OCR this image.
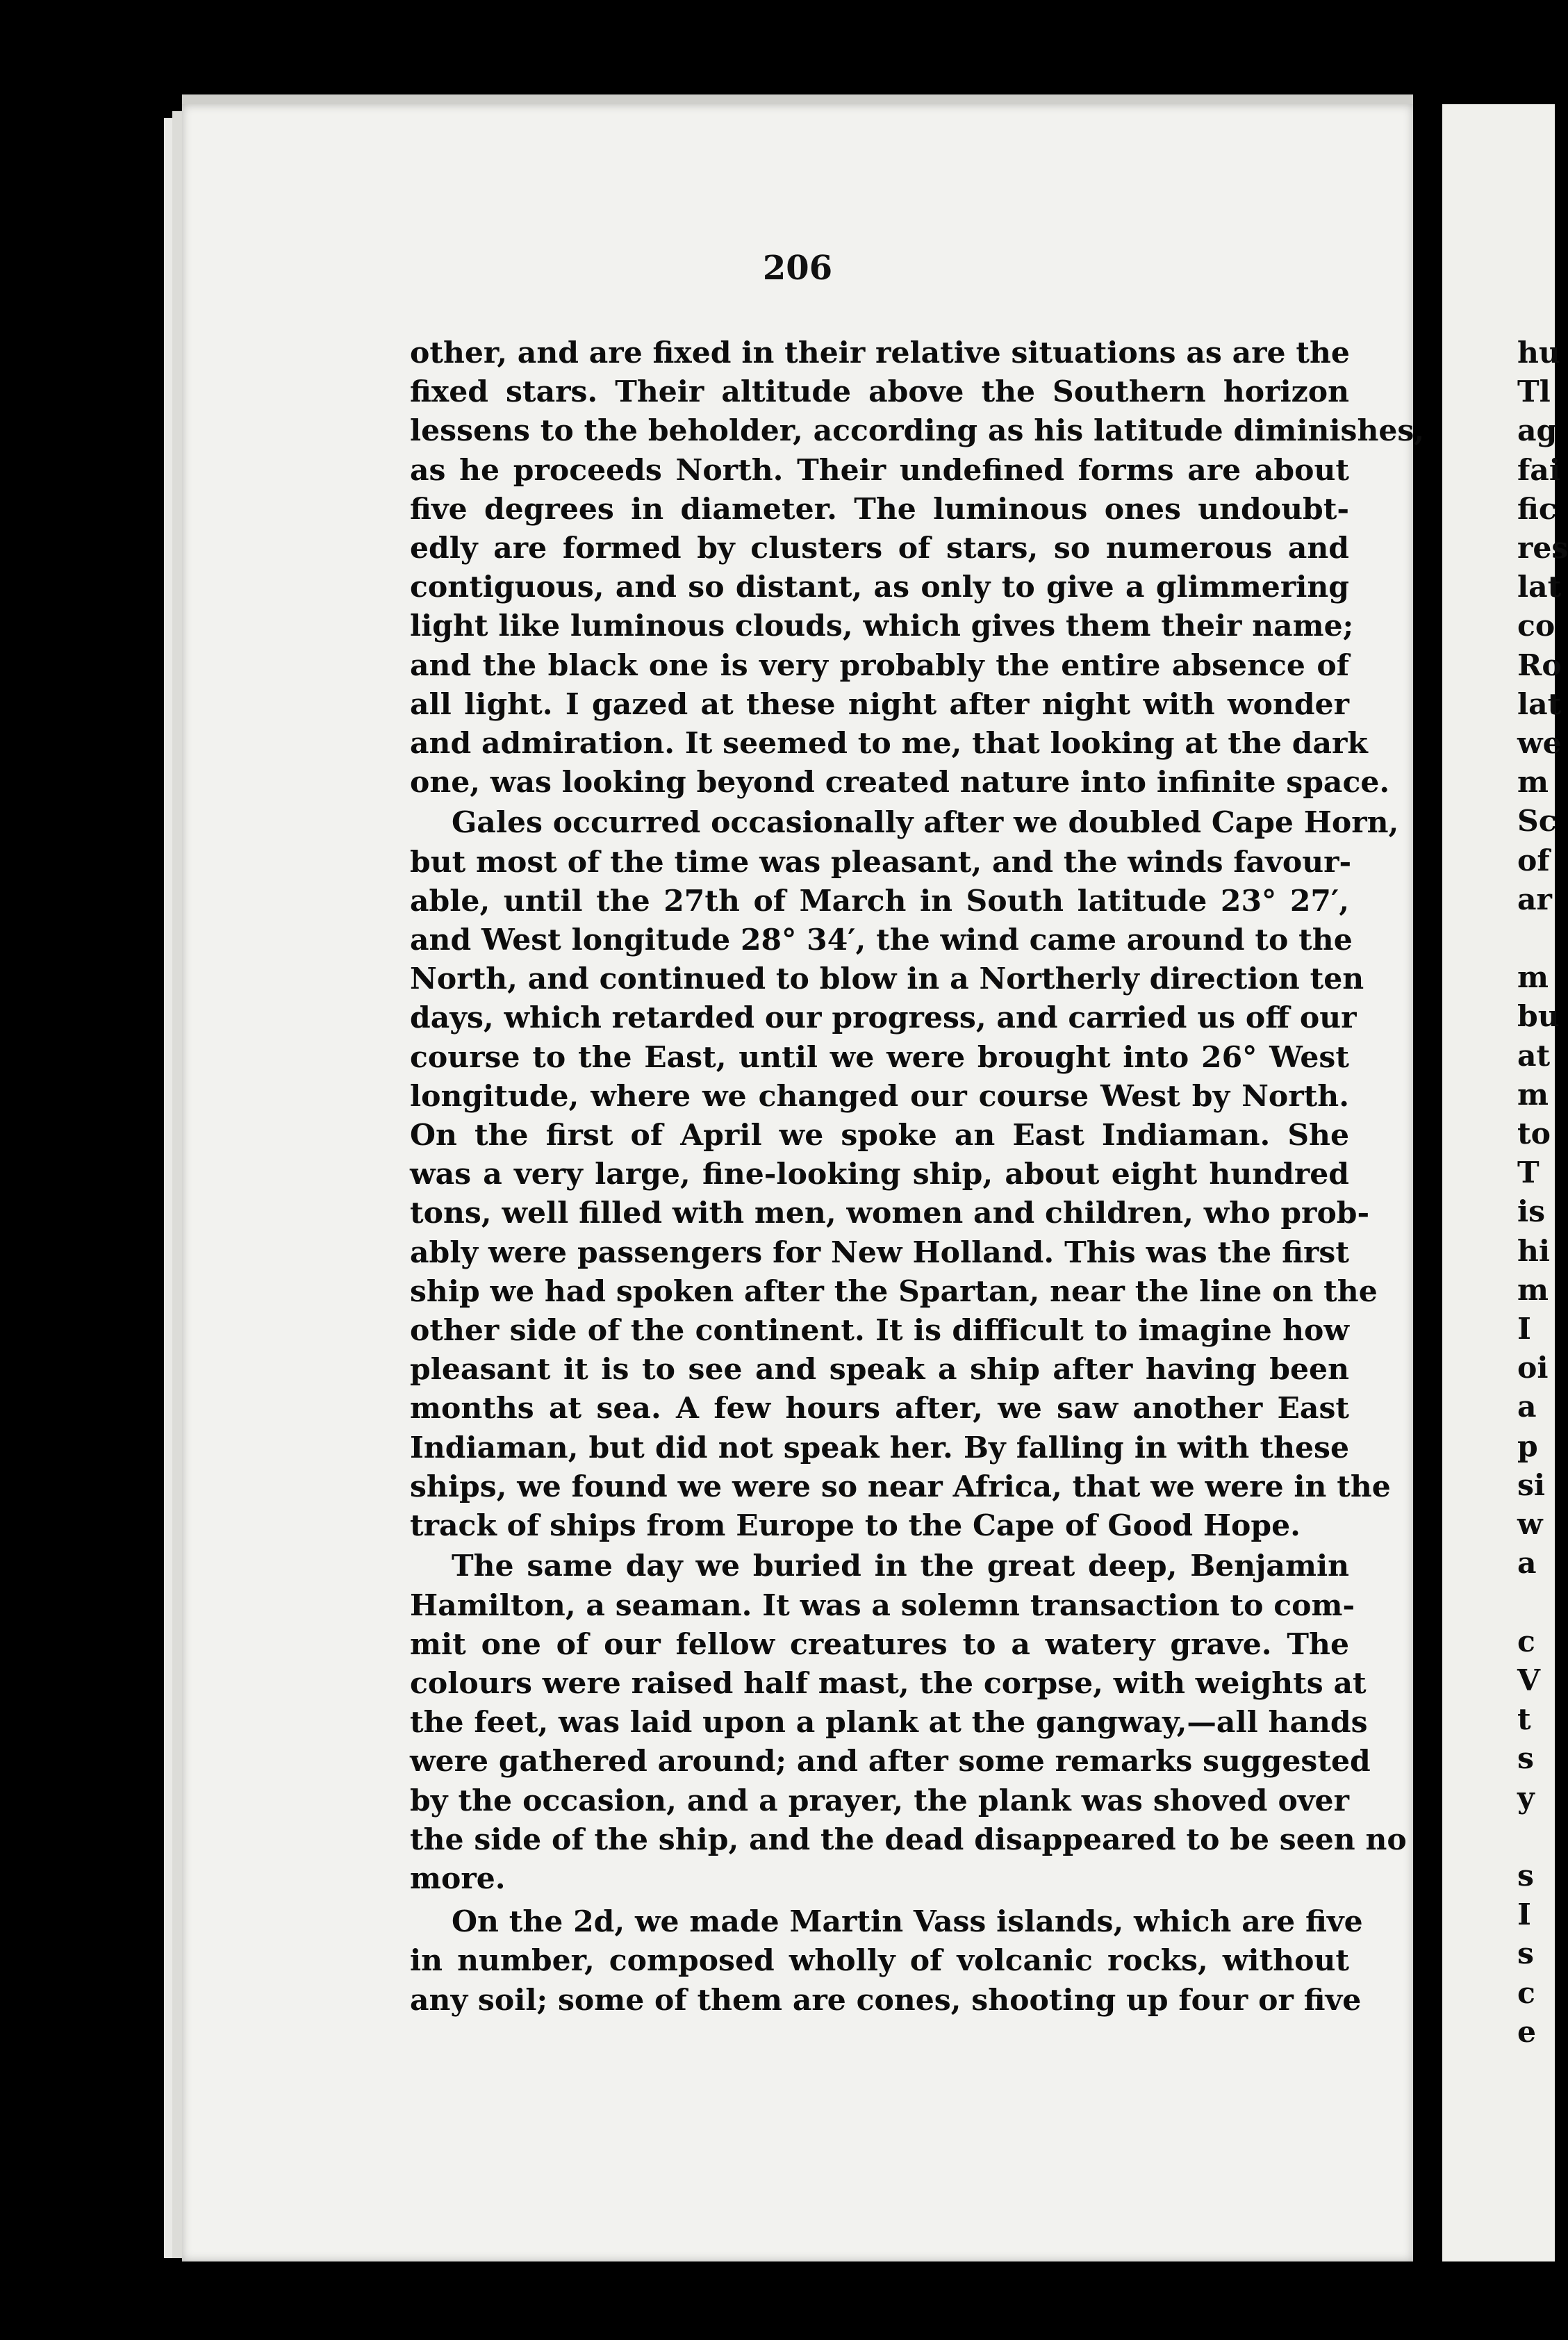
206
other, and are fixed in their relative situations as are the
fixed stars. Their altitude above the Southern horizon
lessens to the beholder, according as his latitude diminishes,
as he proceeds North. Their undefined forms are about
five degrees in diameter. The luminous ones undoubt-
edly are formed by clusters of stars, so numerous and
contiguous, and so distant, as only to give a glimmering
light like luminous clouds, which gives them their name;
and the black one is very probably the entire absence of
all light. I gazed at these night after night with wonder
and admiration. It seemed to me, that looking at the dark
one, was looking beyond created nature into infinite space.
Gales occurred occasionally after we doubled Cape Horn,
but most of the time was pleasant, and the winds favour-
able, until the 27th of March in South latitude 23° 27′,
and West longitude 28° 34′, the wind came around to the
North, and continued to blow in a Northerly direction ten
days, which retarded our progress, and carried us off our
course to the East, until we were brought into 26° West
longitude, where we changed our course West by North.
On the first of April we spoke an East Indiaman. She
was a very large, fine-looking ship, about eight hundred
tons, well filled with men, women and children, who prob-
ably were passengers for New Holland. This was the first
ship we had spoken after the Spartan, near the line on the
other side of the continent. It is difficult to imagine how
pleasant it is to see and speak a ship after having been
months at sea. A few hours after, we saw another East
Indiaman, but did not speak her. By falling in with these
ships, we found we were so near Africa, that we were in the
track of ships from Europe to the Cape of Good Hope.
The same day we buried in the great deep, Benjamin
Hamilton, a seaman. It was a solemn transaction to com-
mit one of our fellow creatures to a watery grave. The
colours were raised half mast, the corpse, with weights at
the feet, was laid upon a plank at the gangway,—all hands
were gathered around; and after some remarks suggested
by the occasion, and a prayer, the plank was shoved over
the side of the ship, and the dead disappeared to be seen no
more.
On the 2d, we made Martin Vass islands, which are five
in number, composed wholly of volcanic rocks, without
any soil; some of them are cones, shooting up four or five
hu
Tl
ag
fai
fic
res
lat
co
Ro
lat
we
m
Sc
of
ar

m
bu
at
m
to
T
is
hi
m
I
oi
a
p
si
w
a

c
V
t
s
y

s
I
s
c
e
